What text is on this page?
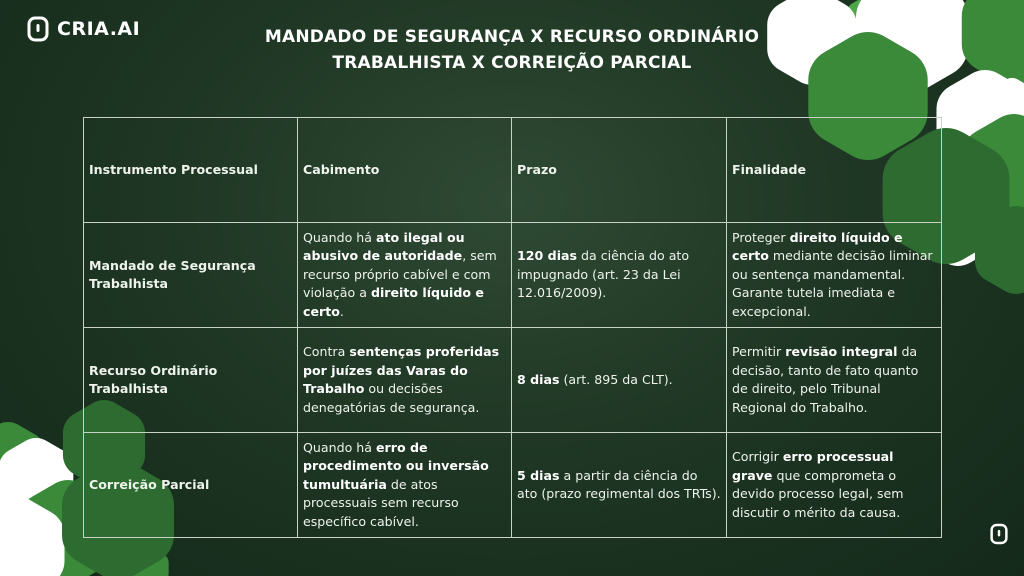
CRIA.AI	MANDADO DE SEGURANÇA X RECURSO ORDINÁRIO TRABALHISTA X CORREIÇÃO PARCIAL
Instrumento Processual	Cabimento	Prazo	Finalidade
Mandado de Segurança Trabalhista	Quando há ato ilegal ou abusivo de autoridade, sem recurso próprio cabível e com violação a direito líquido e certo.	120 dias da ciência do ato impugnado (art. 23 da Lei 12.016/2009).	Proteger direito líquido e certo mediante decisão liminar ou sentença mandamental. Garante tutela imediata e excepcional.
Recurso Ordinário Trabalhista	Contra sentenças proferidas por juízes das Varas do Trabalho ou decisões denegatórias de segurança.	8 dias (art. 895 da CLT).	Permitir revisão integral da decisão, tanto de fato quanto de direito, pelo Tribunal Regional do Trabalho.
Correição Parcial	Quando há erro de procedimento ou inversão tumultuária de atos processuais sem recurso específico cabível.	5 dias a partir da ciência do ato (prazo regimental dos TRTs).	Corrigir erro processual grave que comprometa o devido processo legal, sem discutir o mérito da causa.
